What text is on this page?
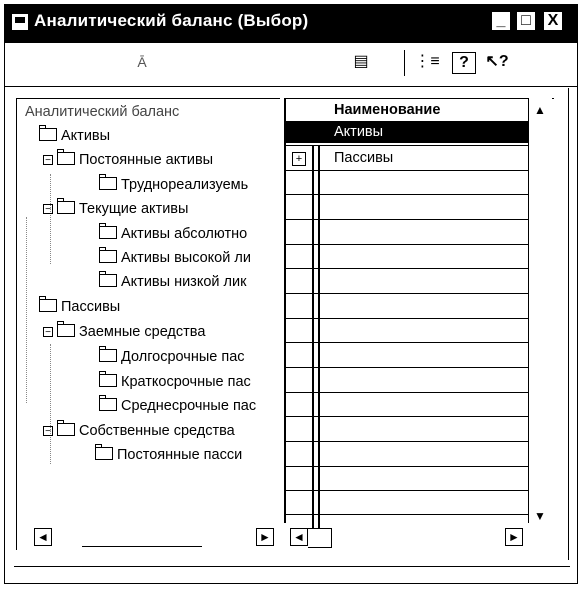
Аналитический баланс (Выбор)	_ □	X
Ā	▤	⋮≡	?	↖?
Аналитический баланс
Активы
− Постоянные активы
Труднореализуемь
− Текущие активы
Активы абсолютно
Активы высокой ли
Активы низкой лик
Пассивы
− Заемные средства
Долгосрочные пас
Краткосрочные пас
Среднесрочные пас
− Собственные средства
Постоянные пасси
◄	►
Наименование
Активы
+ Пассивы
▲
▼
◄	►
